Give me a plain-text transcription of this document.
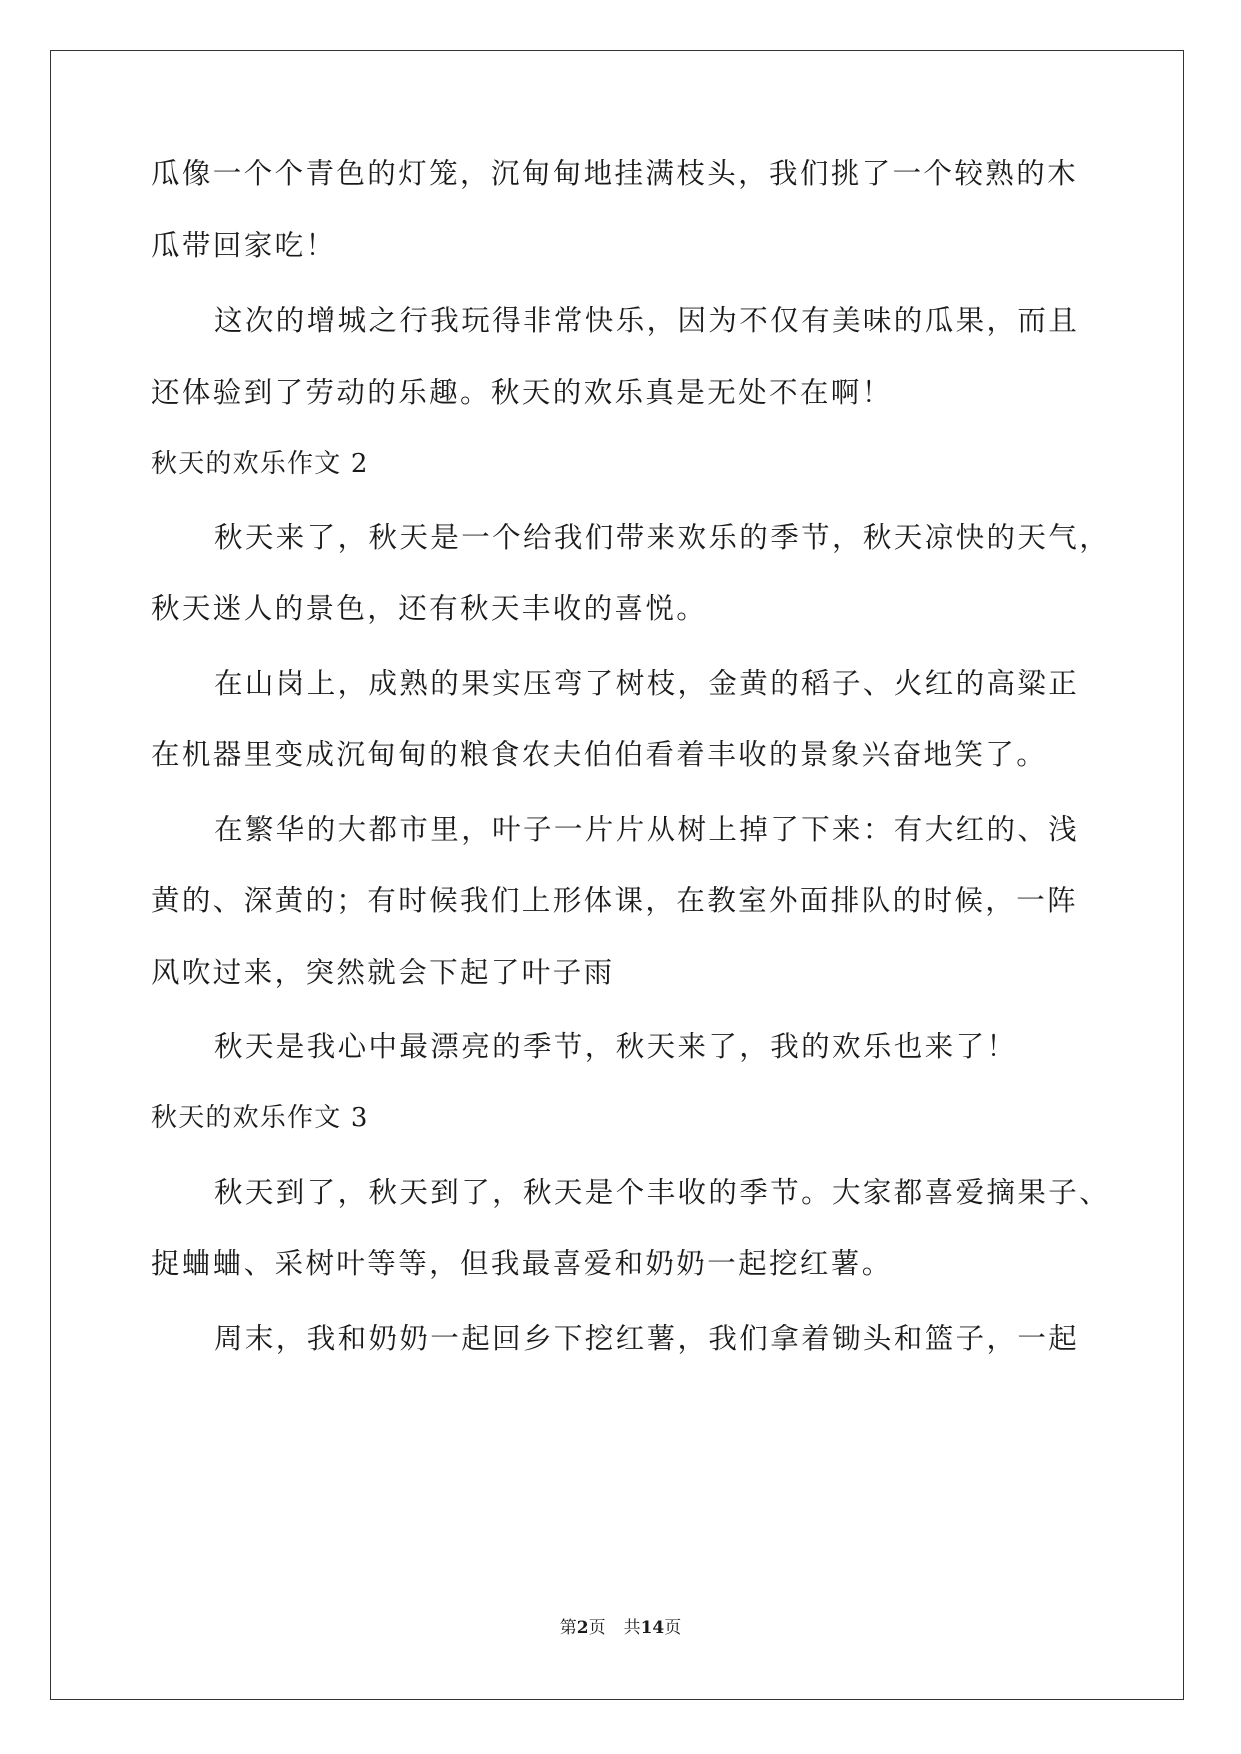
瓜像一个个青色的灯笼，沉甸甸地挂满枝头，我们挑了一个较熟的木
瓜带回家吃！
这次的增城之行我玩得非常快乐，因为不仅有美味的瓜果，而且
还体验到了劳动的乐趣。秋天的欢乐真是无处不在啊！
秋天的欢乐作文 2
秋天来了，秋天是一个给我们带来欢乐的季节，秋天凉快的天气，
秋天迷人的景色，还有秋天丰收的喜悦。
在山岗上，成熟的果实压弯了树枝，金黄的稻子、火红的高粱正
在机器里变成沉甸甸的粮食农夫伯伯看着丰收的景象兴奋地笑了。
在繁华的大都市里，叶子一片片从树上掉了下来：有大红的、浅
黄的、深黄的；有时候我们上形体课，在教室外面排队的时候，一阵
风吹过来，突然就会下起了叶子雨
秋天是我心中最漂亮的季节，秋天来了，我的欢乐也来了！
秋天的欢乐作文 3
秋天到了，秋天到了，秋天是个丰收的季节。大家都喜爱摘果子、
捉蛐蛐、采树叶等等，但我最喜爱和奶奶一起挖红薯。
周末，我和奶奶一起回乡下挖红薯，我们拿着锄头和篮子，一起
第2页 共14页
